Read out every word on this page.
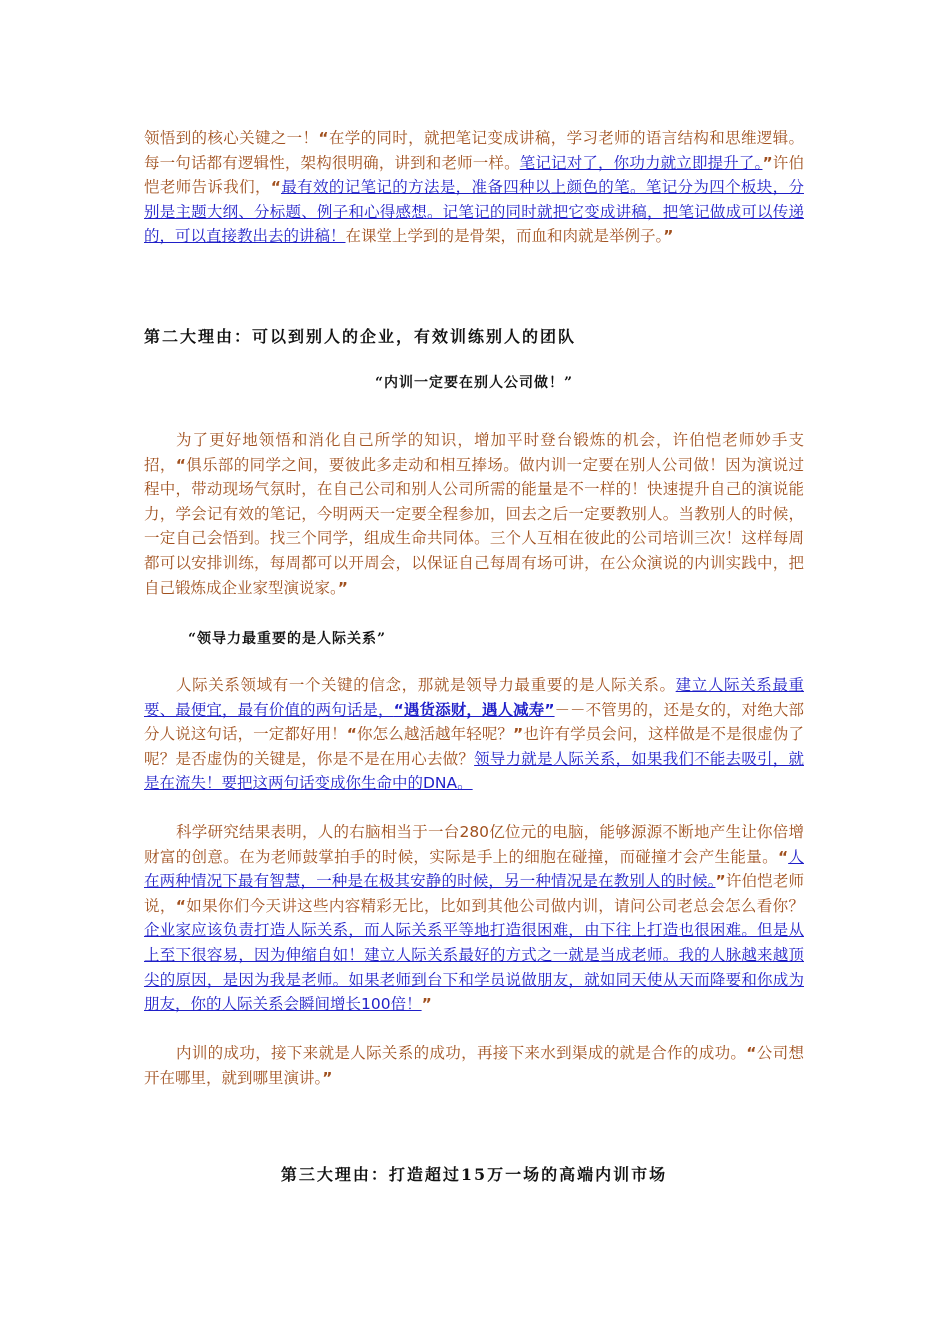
领悟到的核心关键之一！“在学的同时，就把笔记变成讲稿，学习老师的语言结构和思维逻辑。每一句话都有逻辑性，架构很明确，讲到和老师一样。笔记记对了，你功力就立即提升了。”许伯恺老师告诉我们，“最有效的记笔记的方法是，准备四种以上颜色的笔。笔记分为四个板块，分别是主题大纲、分标题、例子和心得感想。记笔记的同时就把它变成讲稿，把笔记做成可以传递的，可以直接教出去的讲稿！在课堂上学到的是骨架，而血和肉就是举例子。”

第二大理由：可以到别人的企业，有效训练别人的团队
“内训一定要在别人公司做！”

为了更好地领悟和消化自己所学的知识，增加平时登台锻炼的机会，许伯恺老师妙手支招，“俱乐部的同学之间，要彼此多走动和相互捧场。做内训一定要在别人公司做！因为演说过程中，带动现场气氛时，在自己公司和别人公司所需的能量是不一样的！快速提升自己的演说能力，学会记有效的笔记，今明两天一定要全程参加，回去之后一定要教别人。当教别人的时候，一定自己会悟到。找三个同学，组成生命共同体。三个人互相在彼此的公司培训三次！这样每周都可以安排训练，每周都可以开周会，以保证自己每周有场可讲，在公众演说的内训实践中，把自己锻炼成企业家型演说家。”

“领导力最重要的是人际关系”

人际关系领域有一个关键的信念，那就是领导力最重要的是人际关系。建立人际关系最重要、最便宜，最有价值的两句话是，“遇货添财，遇人减寿”－－不管男的，还是女的，对绝大部分人说这句话，一定都好用！“你怎么越活越年轻呢？”也许有学员会问，这样做是不是很虚伪了呢？是否虚伪的关键是，你是不是在用心去做？领导力就是人际关系，如果我们不能去吸引，就是在流失！要把这两句话变成你生命中的DNA。

科学研究结果表明，人的右脑相当于一台280亿位元的电脑，能够源源不断地产生让你倍增财富的创意。在为老师鼓掌拍手的时候，实际是手上的细胞在碰撞，而碰撞才会产生能量。“人在两种情况下最有智慧，一种是在极其安静的时候，另一种情况是在教别人的时候。”许伯恺老师说，“如果你们今天讲这些内容精彩无比，比如到其他公司做内训，请问公司老总会怎么看你？企业家应该负责打造人际关系，而人际关系平等地打造很困难，由下往上打造也很困难。但是从上至下很容易，因为伸缩自如！建立人际关系最好的方式之一就是当成老师。我的人脉越来越顶尖的原因，是因为我是老师。如果老师到台下和学员说做朋友，就如同天使从天而降要和你成为朋友，你的人际关系会瞬间增长100倍！”

内训的成功，接下来就是人际关系的成功，再接下来水到渠成的就是合作的成功。“公司想开在哪里，就到哪里演讲。”

第三大理由：打造超过15万一场的高端内训市场
